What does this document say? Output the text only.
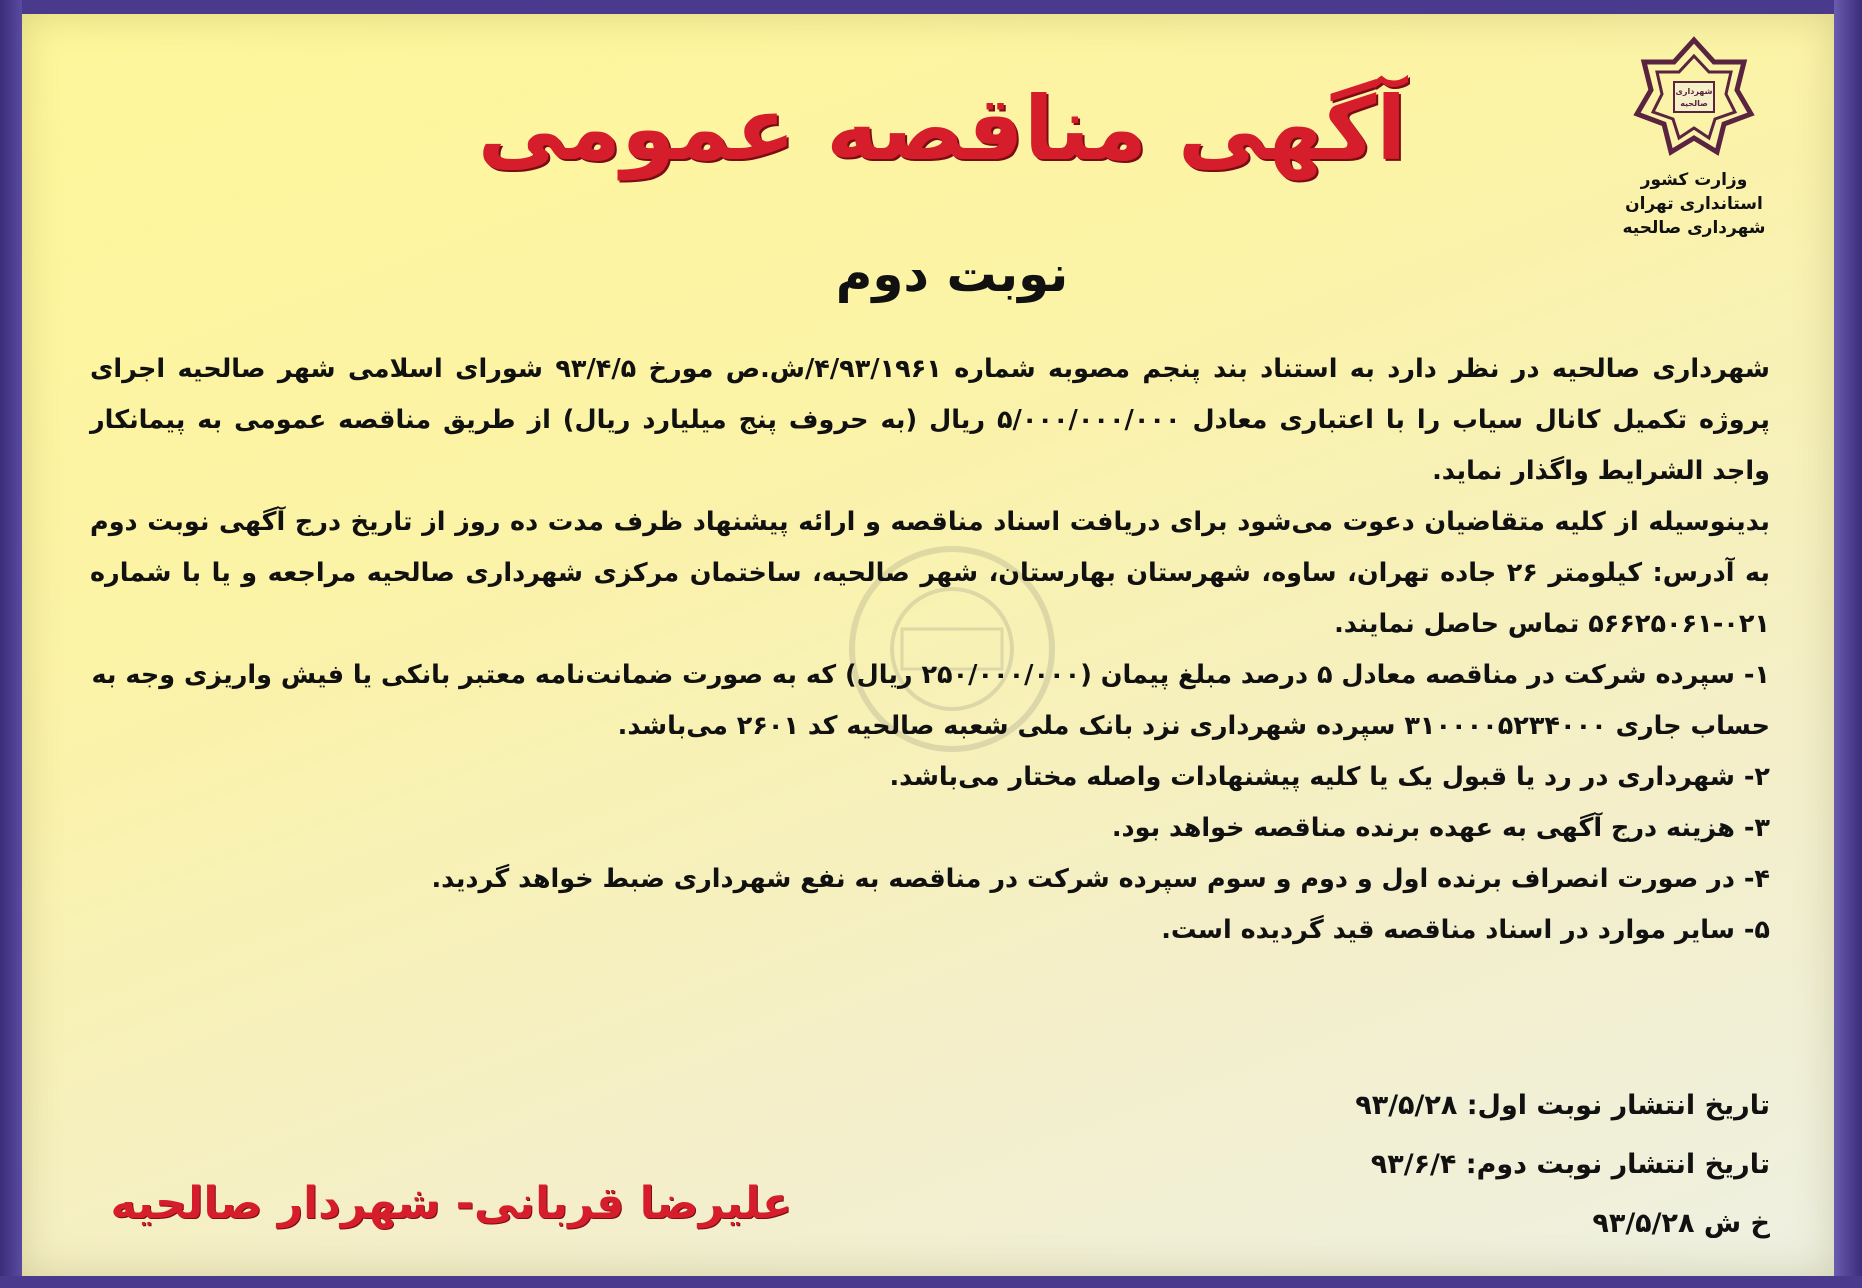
شهرداری
صالحیه
وزارت کشور
استانداری تهران
شهرداری صالحیه
آگهی مناقصه عمومی
نوبت دوم

شهرداری صالحیه در نظر دارد به استناد بند پنجم مصوبه شماره ۴/۹۳/۱۹۶۱/ش.ص مورخ ۹۳/۴/۵ شورای اسلامی شهر صالحیه اجرای پروژه تکمیل کانال سیاب را با اعتباری معادل ۵/۰۰۰/۰۰۰/۰۰۰ ریال (به حروف پنج میلیارد ریال) از طریق مناقصه عمومی به پیمانکار واجد الشرایط واگذار نماید.

بدینوسیله از کلیه متقاضیان دعوت می‌شود برای دریافت اسناد مناقصه و ارائه پیشنهاد ظرف مدت ده روز از تاریخ درج آگهی نوبت دوم به آدرس: کیلومتر ۲۶ جاده تهران، ساوه، شهرستان بهارستان، شهر صالحیه، ساختمان مرکزی شهرداری صالحیه مراجعه و یا با شماره ۰۲۱-۵۶۶۲۵۰۶۱ تماس حاصل نمایند.

۱- سپرده شرکت در مناقصه معادل ۵ درصد مبلغ پیمان (۲۵۰/۰۰۰/۰۰۰ ریال) که به صورت ضمانت‌نامه معتبر بانکی یا فیش واریزی وجه به حساب جاری ۳۱۰۰۰۰۵۲۳۴۰۰۰ سپرده شهرداری نزد بانک ملی شعبه صالحیه کد ۲۶۰۱ می‌باشد.

۲- شهرداری در رد یا قبول یک یا کلیه پیشنهادات واصله مختار می‌باشد.

۳- هزینه درج آگهی به عهده برنده مناقصه خواهد بود.

۴- در صورت انصراف برنده اول و دوم و سوم سپرده شرکت در مناقصه به نفع شهرداری ضبط خواهد گردید.

۵- سایر موارد در اسناد مناقصه قید گردیده است.

تاریخ انتشار نوبت اول: ۹۳/۵/۲۸
تاریخ انتشار نوبت دوم: ۹۳/۶/۴
خ ش ۹۳/۵/۲۸
علیرضا قربانی- شهردار صالحیه
